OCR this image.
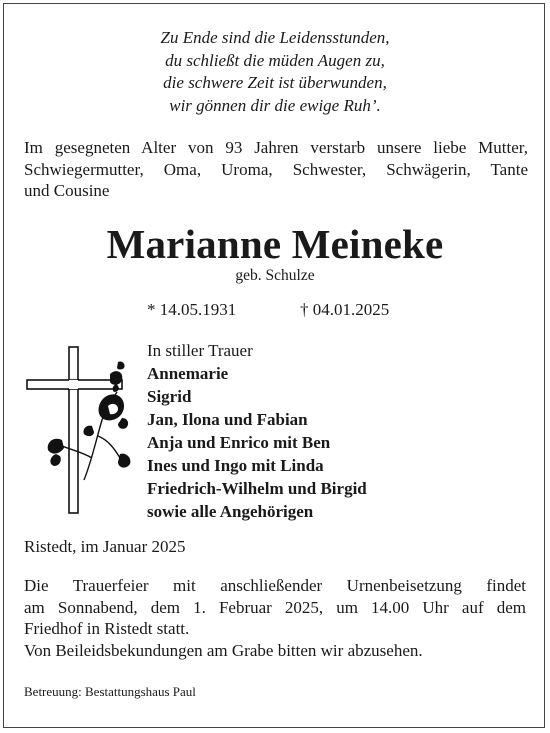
Zu Ende sind die Leidensstunden,
du schließt die müden Augen zu,
die schwere Zeit ist überwunden,
wir gönnen dir die ewige Ruh’.
Im gesegneten Alter von 93 Jahren verstarb unsere liebe Mutter,
Schwiegermutter, Oma, Uroma, Schwester, Schwägerin, Tante
und Cousine
Marianne Meineke
geb. Schulze
* 14.05.1931	† 04.01.2025
In stiller Trauer
Annemarie
Sigrid
Jan, Ilona und Fabian
Anja und Enrico mit Ben
Ines und Ingo mit Linda
Friedrich-Wilhelm und Birgid
sowie alle Angehörigen
Ristedt, im Januar 2025
Die Trauerfeier mit anschließender Urnenbeisetzung findet
am Sonnabend, dem 1. Februar 2025, um 14.00 Uhr auf dem
Friedhof in Ristedt statt.
Von Beileidsbekundungen am Grabe bitten wir abzusehen.
Betreuung: Bestattungshaus Paul
